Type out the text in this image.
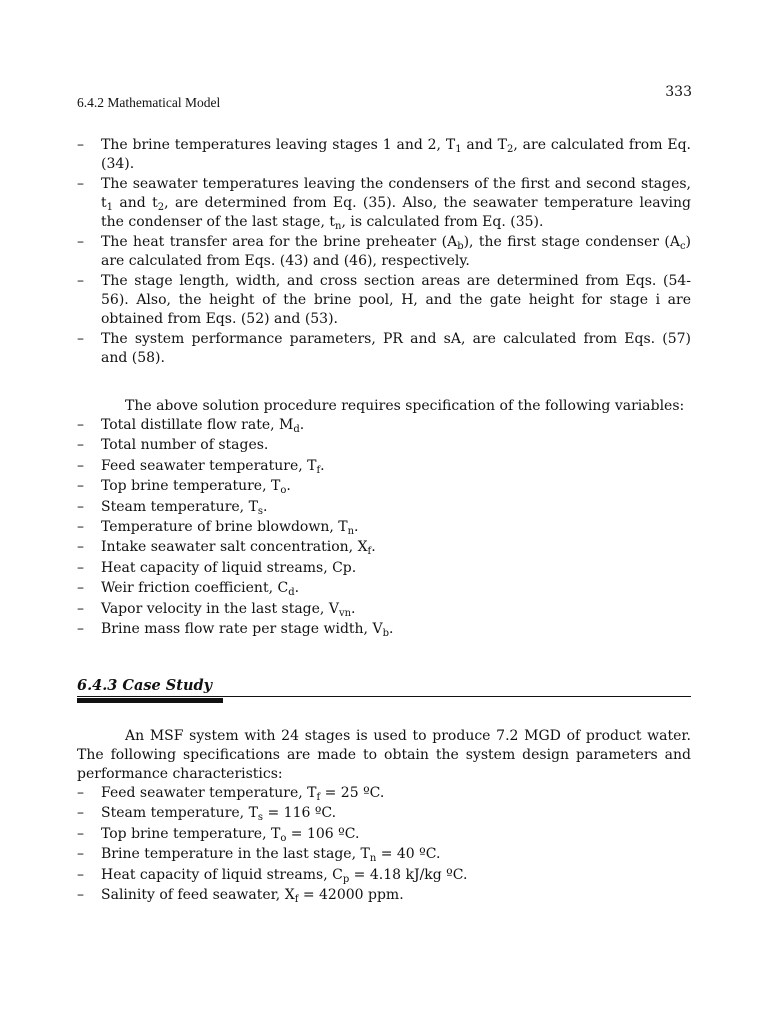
333
6.4.2 Mathematical Model
– The brine temperatures leaving stages 1 and 2, $T_1$ and $T_2$, are calculated from Eq. (34).
– The seawater temperatures leaving the condensers of the first and second stages, $t_1$ and $t_2$, are determined from Eq. (35). Also, the seawater temperature leaving the condenser of the last stage, $t_n$, is calculated from Eq. (35).
– The heat transfer area for the brine preheater $(A_b)$, the first stage condenser $(A_c)$ are calculated from Eqs. (43) and (46), respectively.
– The stage length, width, and cross section areas are determined from Eqs. (54-56). Also, the height of the brine pool, H, and the gate height for stage i are obtained from Eqs. (52) and (53).
– The system performance parameters, PR and sA, are calculated from Eqs. (57) and (58).

The above solution procedure requires specification of the following variables:

– Total distillate flow rate, $M_d$.
– Total number of stages.
– Feed seawater temperature, $T_f$.
– Top brine temperature, $T_o$.
– Steam temperature, $T_s$.
– Temperature of brine blowdown, $T_n$.
– Intake seawater salt concentration, $X_f$.
– Heat capacity of liquid streams, Cp.
– Weir friction coefficient, $C_d$.
– Vapor velocity in the last stage, $V_{vn}$.
– Brine mass flow rate per stage width, $V_b$.
6.4.3 Case Study

An MSF system with 24 stages is used to produce 7.2 MGD of product water. The following specifications are made to obtain the system design parameters and performance characteristics:

– Feed seawater temperature, $T_f = 25$ ºC.
– Steam temperature, $T_s = 116$ ºC.
– Top brine temperature, $T_o = 106$ ºC.
– Brine temperature in the last stage, $T_n = 40$ ºC.
– Heat capacity of liquid streams, $C_p = 4.18$ kJ/kg ºC.
– Salinity of feed seawater, $X_f = 42000$ ppm.
